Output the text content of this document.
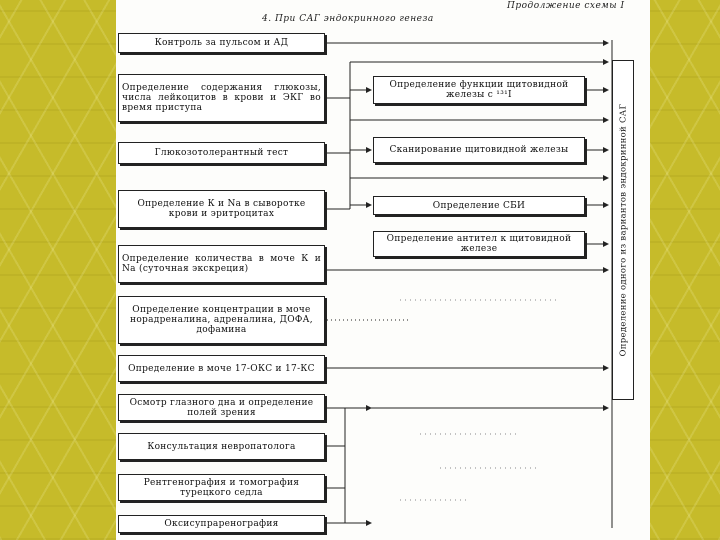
Продолжение схемы I
4. При САГ эндокринного генеза
Контроль за пульсом и АД
Определение содержания глюкозы, числа лейкоцитов в крови и ЭКГ во время приступа
Глюкозотолерантный тест
Определение К и Na в сыворотке крови и эритроцитах
Определение количества в моче К и Na (суточная экскреция)
Определение концентрации в моче норадреналина, адреналина, ДОФА, дофамина
Определение в моче 17-ОКС и 17-КС
Осмотр глазного дна и определение полей зрения
Консультация невропатолога
Рентгенография и томография турецкого седла
Оксисупраренография
Определение функции щитовидной железы с ¹³¹I
Сканирование щитовидной железы
Определение СБИ
Определение антител к щитовидной железе	Определение одного из вариантов эндокринной САГ
